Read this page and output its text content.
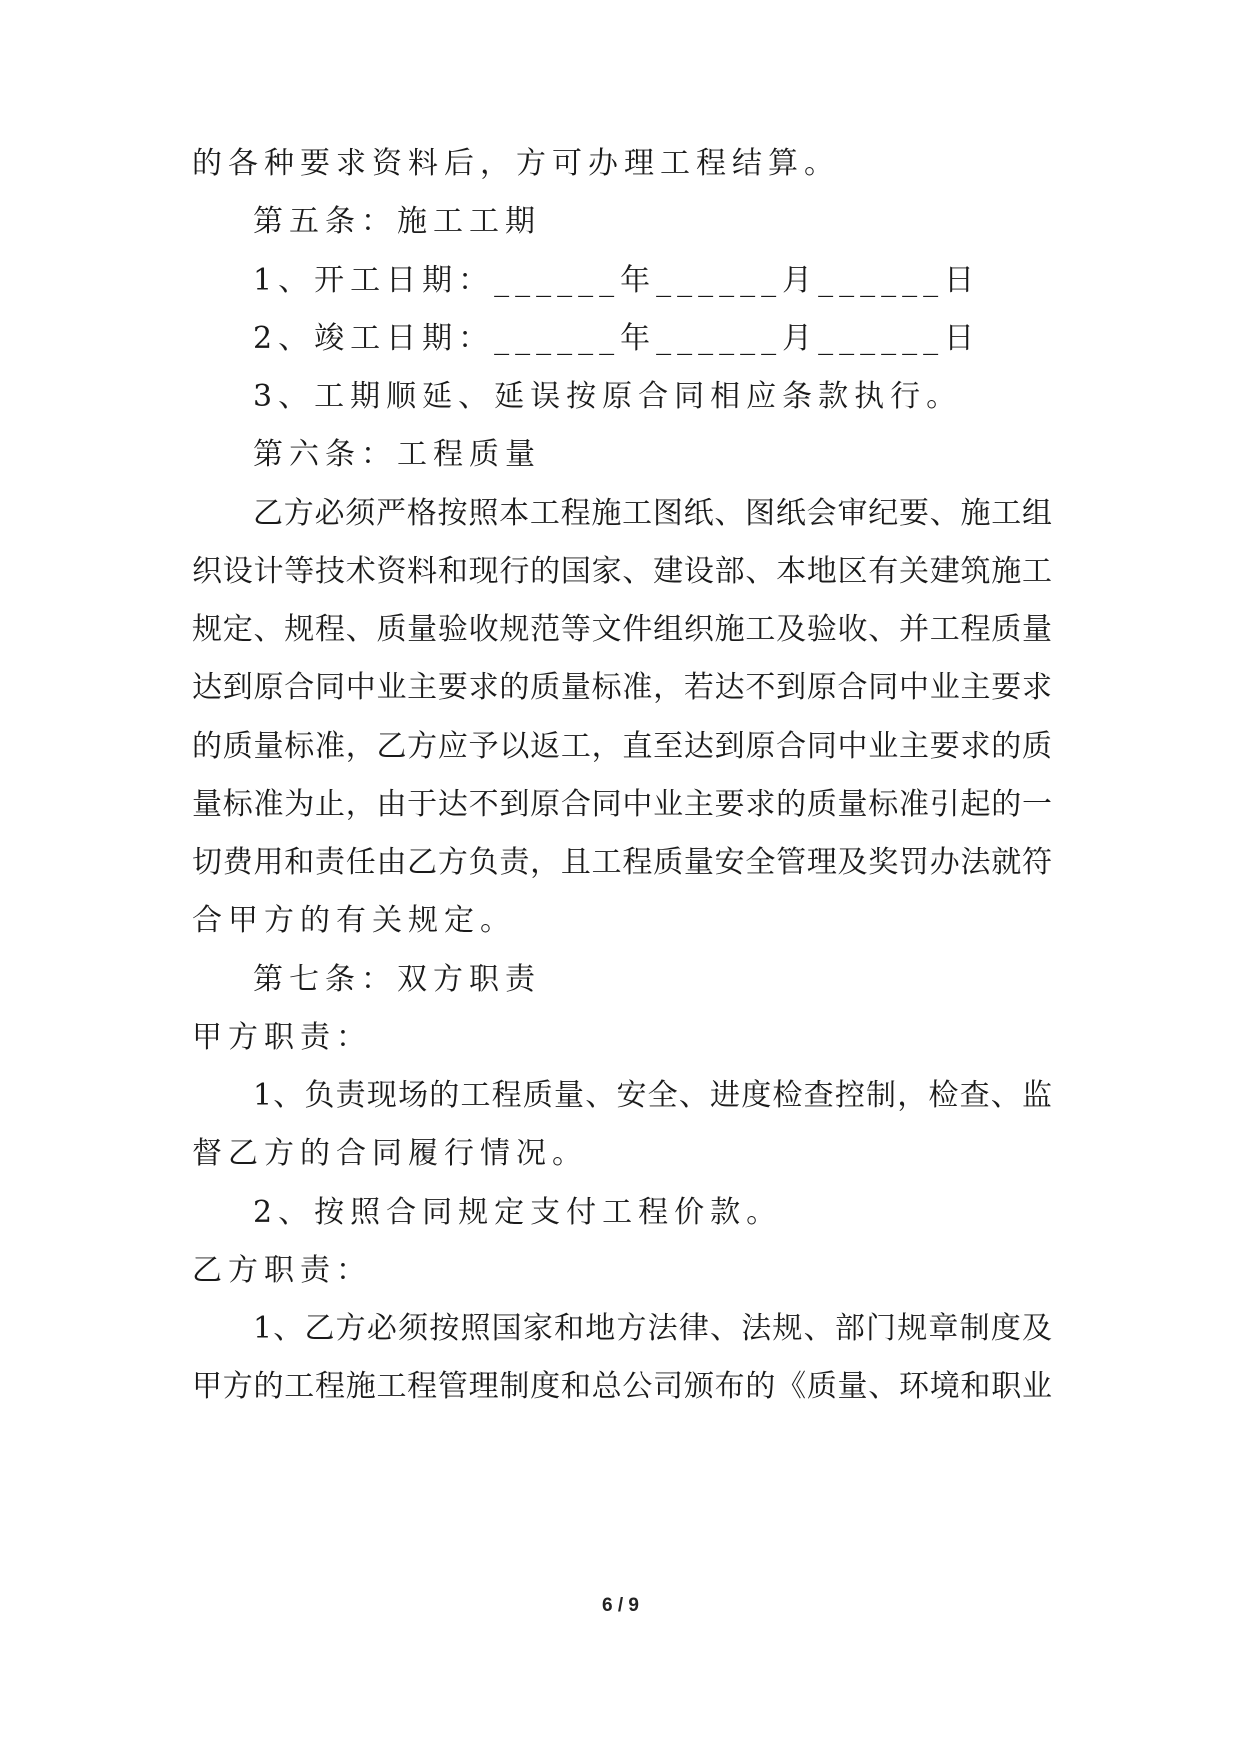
的各种要求资料后，方可办理工程结算。
第五条：施工工期
1、开工日期：______年______月______日
2、竣工日期：______年______月______日
3、工期顺延、延误按原合同相应条款执行。
第六条：工程质量
乙方必须严格按照本工程施工图纸、图纸会审纪要、施工组
织设计等技术资料和现行的国家、建设部、本地区有关建筑施工
规定、规程、质量验收规范等文件组织施工及验收、并工程质量
达到原合同中业主要求的质量标准，若达不到原合同中业主要求
的质量标准，乙方应予以返工，直至达到原合同中业主要求的质
量标准为止，由于达不到原合同中业主要求的质量标准引起的一
切费用和责任由乙方负责，且工程质量安全管理及奖罚办法就符
合甲方的有关规定。
第七条：双方职责
甲方职责：
1、负责现场的工程质量、安全、进度检查控制，检查、监
督乙方的合同履行情况。
2、按照合同规定支付工程价款。
乙方职责：
1、乙方必须按照国家和地方法律、法规、部门规章制度及
甲方的工程施工程管理制度和总公司颁布的《质量、环境和职业
6 / 9
